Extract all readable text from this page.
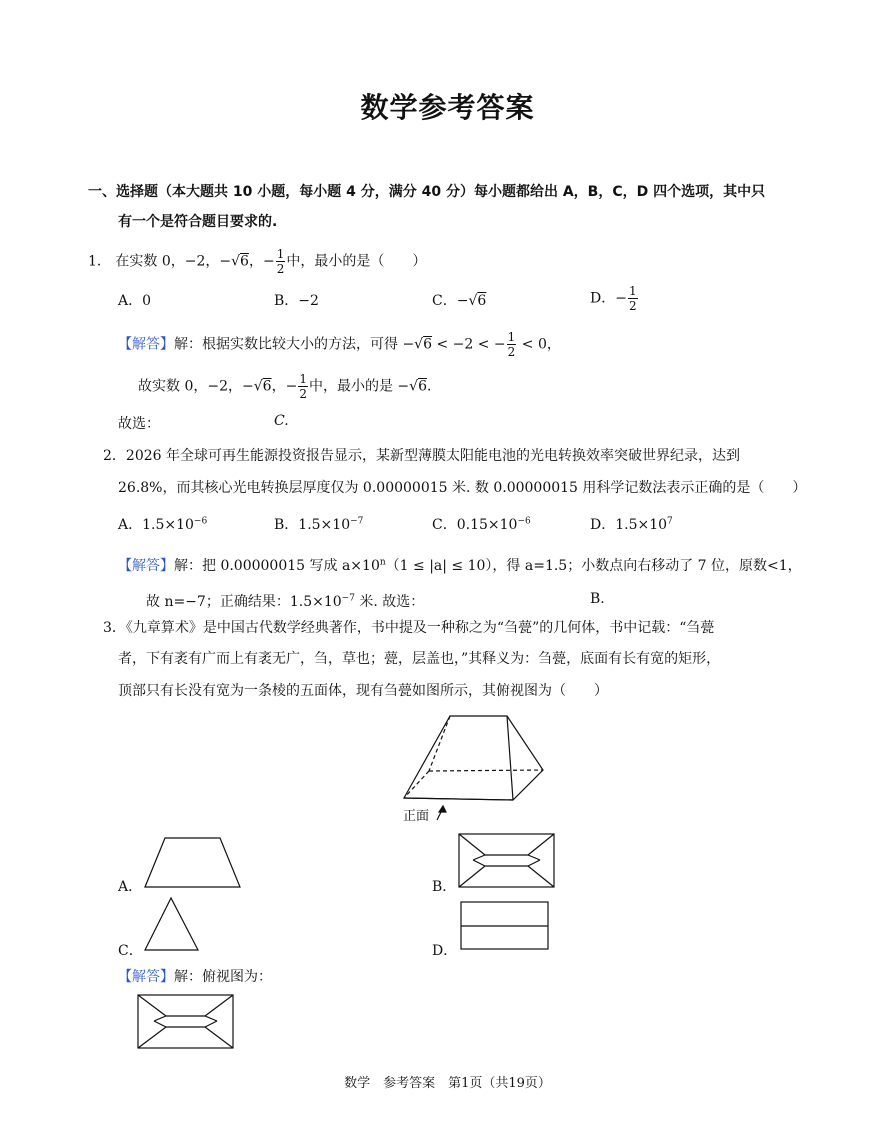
数学参考答案
一、选择题（本大题共 10 小题，每小题 4 分，满分 40 分）每小题都给出 A，B，C，D 四个选项，其中只
有一个是符合题目要求的.
1． 在实数 0，−2，−√6，− $\frac{1}{2}$ 中，最小的是（　　）
A．0	B．−2	C．−√6	D．− $\frac{1}{2}$
【解答】解：根据实数比较大小的方法，可得 −√6 < −2 < − $\frac{1}{2} < 0$，
故实数 0，−2，−√6，− $\frac{1}{2}$ 中，最小的是 −√6.
故选：	C.
2．2026 年全球可再生能源投资报告显示，某新型薄膜太阳能电池的光电转换效率突破世界纪录，达到
26.8%，而其核心光电转换层厚度仅为 0.00000015 米. 数 0.00000015 用科学记数法表示正确的是（　　）
A．$1.5\times 10^{-6}$	B．$1.5\times 10^{-7}$	C．$0.15\times 10^{-6}$	D．$1.5\times 10^7$
【解答】解：把 0.00000015 写成 $a\times 10^n(1 \le |a| \le 10)$，得 a=1.5；小数点向右移动了 7 位，原数<1，
故 n=−7；正确结果：$1.5\times 10^{-7}$ 米. 故选：	B.
3．《九章算术》是中国古代数学经典著作，书中提及一种称之为“刍甍”的几何体，书中记载：“刍甍
者，下有袤有广而上有袤无广，刍，草也；甍，层盖也，”其释义为：刍甍，底面有长有宽的矩形，
顶部只有长没有宽为一条棱的五面体，现有刍甍如图所示，其俯视图为（　　）
正面
A．	B．
C．	D．
【解答】解：俯视图为：
数学　参考答案　第1页（共19页）
